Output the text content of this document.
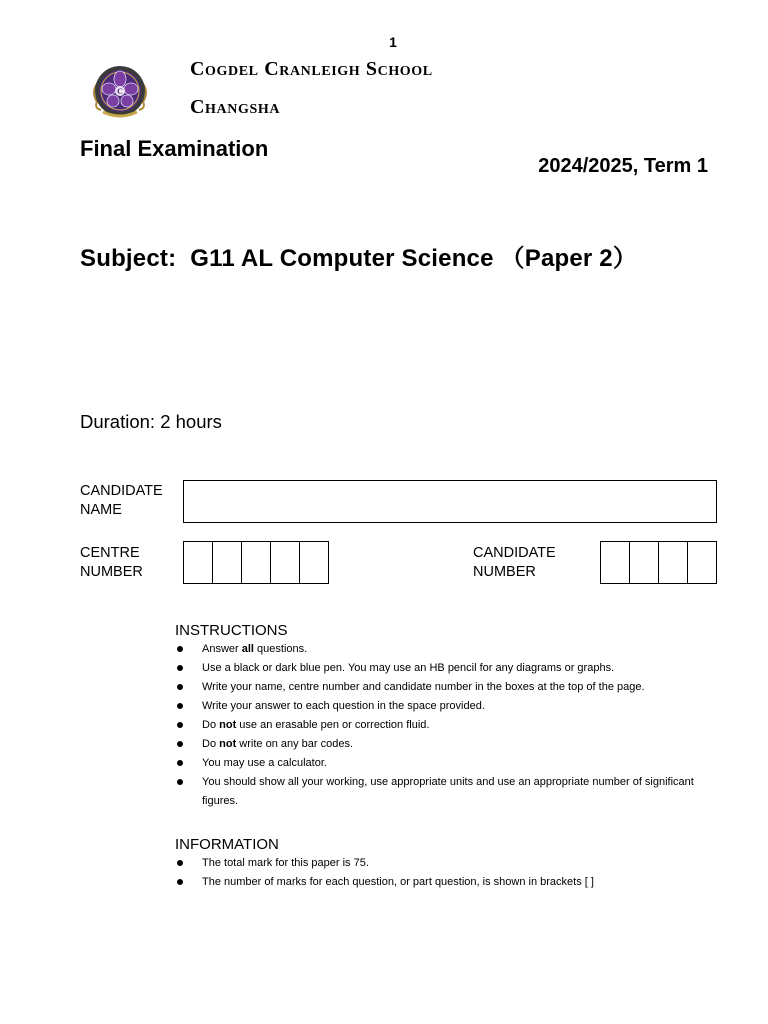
1
C
Cogdel Cranleigh School
Changsha
Final Examination
2024/2025, Term 1
Subject: G11 AL Computer Science （Paper 2）
Duration: 2 hours
CANDIDATE
NAME
CENTRE
NUMBER
CANDIDATE
NUMBER
INSTRUCTIONS
Answer all questions.
Use a black or dark blue pen. You may use an HB pencil for any diagrams or graphs.
Write your name, centre number and candidate number in the boxes at the top of the page.
Write your answer to each question in the space provided.
Do not use an erasable pen or correction fluid.
Do not write on any bar codes.
You may use a calculator.
You should show all your working, use appropriate units and use an appropriate number of significant figures.
INFORMATION
The total mark for this paper is 75.
The number of marks for each question, or part question, is shown in brackets [ ]
